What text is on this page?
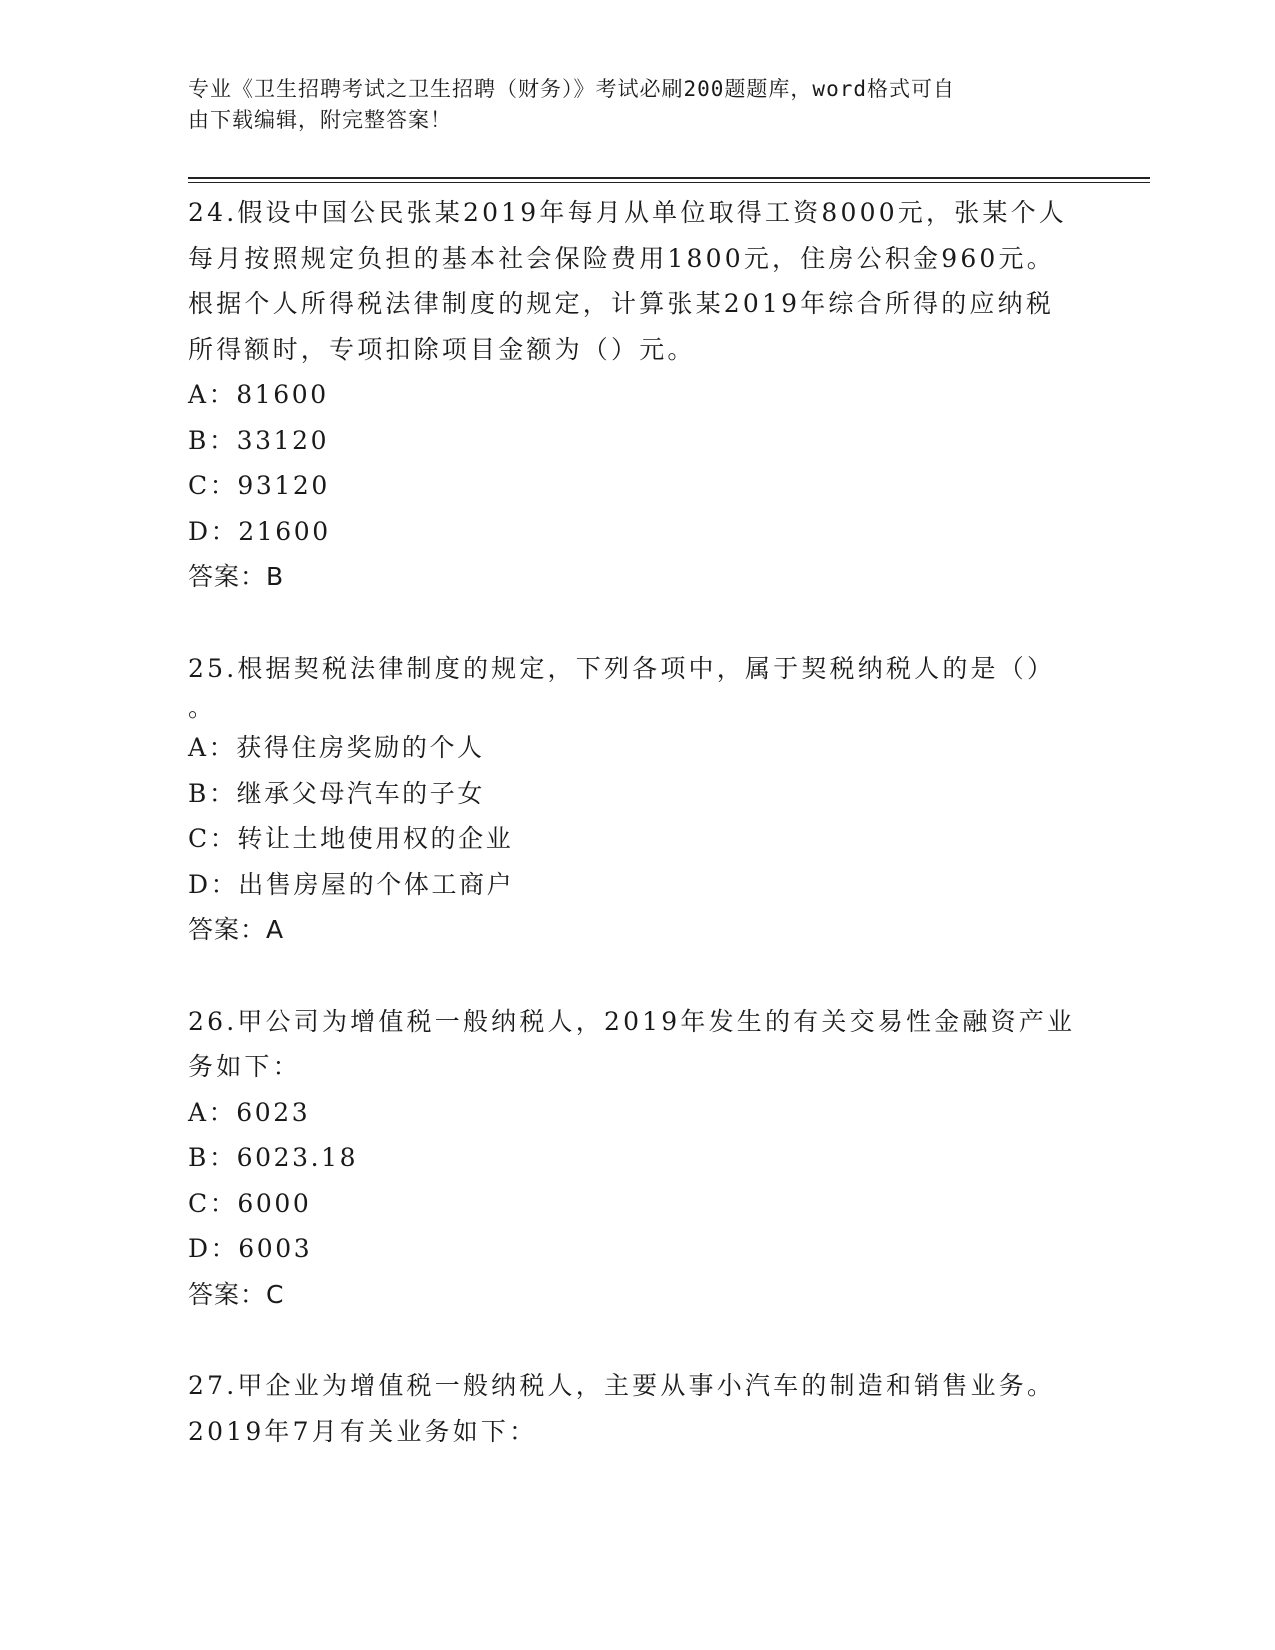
专业《卫生招聘考试之卫生招聘（财务）》考试必刷200题题库，word格式可自
由下载编辑，附完整答案！

24.假设中国公民张某2019年每月从单位取得工资8000元，张某个人
每月按照规定负担的基本社会保险费用1800元，住房公积金960元。
根据个人所得税法律制度的规定，计算张某2019年综合所得的应纳税
所得额时，专项扣除项目金额为（）元。

A：81600

B：33120

C：93120

D：21600

答案：B

25.根据契税法律制度的规定，下列各项中，属于契税纳税人的是（）
。

A：获得住房奖励的个人

B：继承父母汽车的子女

C：转让土地使用权的企业

D：出售房屋的个体工商户

答案：A

26.甲公司为增值税一般纳税人，2019年发生的有关交易性金融资产业
务如下：

A：6023

B：6023.18

C：6000

D：6003

答案：C

27.甲企业为增值税一般纳税人，主要从事小汽车的制造和销售业务。
2019年7月有关业务如下：
